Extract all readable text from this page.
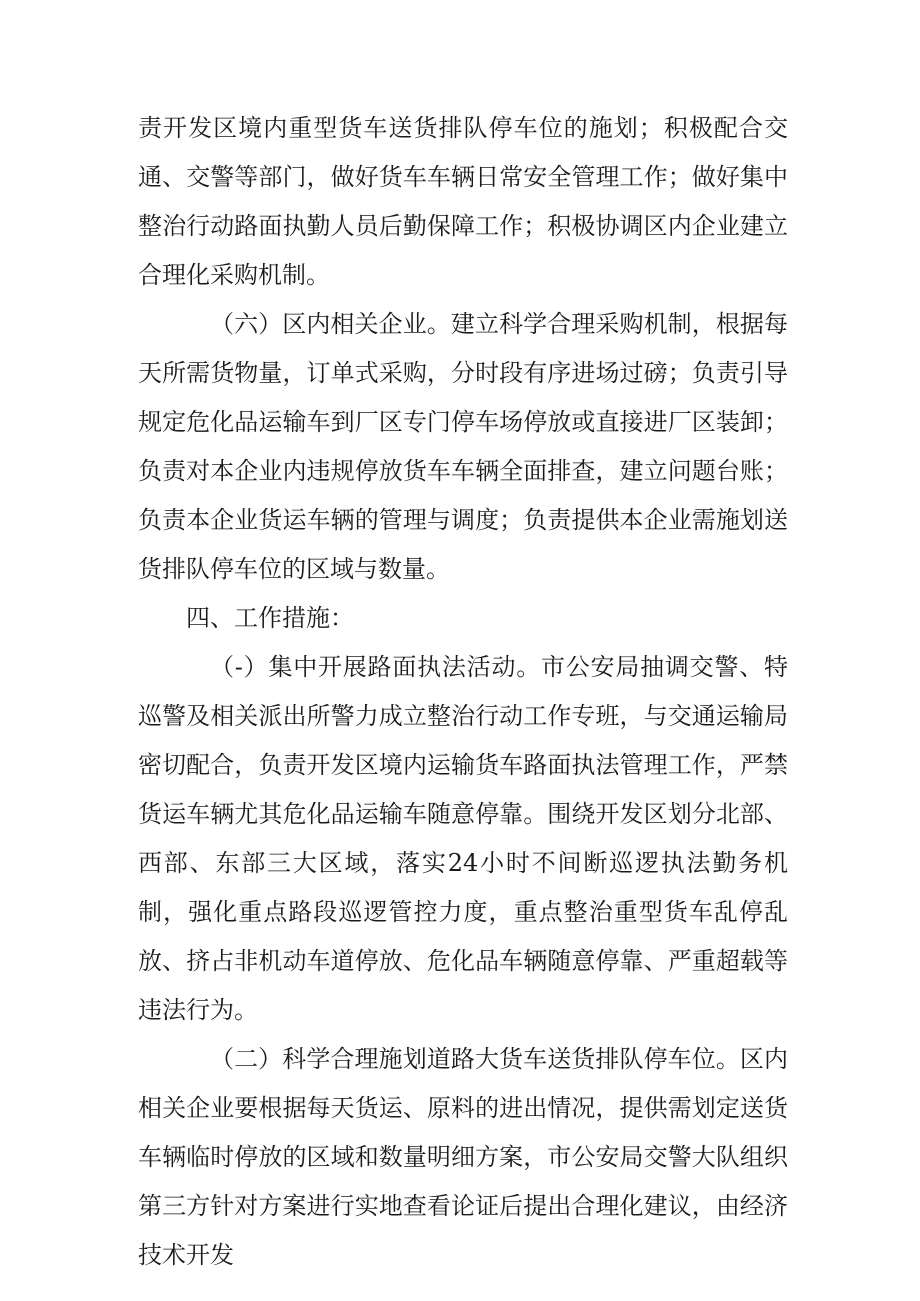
责开发区境内重型货车送货排队停车位的施划；积极配合交通、交警等部门，做好货车车辆日常安全管理工作；做好集中整治行动路面执勤人员后勤保障工作；积极协调区内企业建立合理化采购机制。

（六）区内相关企业。建立科学合理采购机制，根据每天所需货物量，订单式采购，分时段有序进场过磅；负责引导规定危化品运输车到厂区专门停车场停放或直接进厂区装卸；负责对本企业内违规停放货车车辆全面排查，建立问题台账；负责本企业货运车辆的管理与调度；负责提供本企业需施划送货排队停车位的区域与数量。

四、工作措施：

（-）集中开展路面执法活动。市公安局抽调交警、特巡警及相关派出所警力成立整治行动工作专班，与交通运输局密切配合，负责开发区境内运输货车路面执法管理工作，严禁货运车辆尤其危化品运输车随意停靠。围绕开发区划分北部、西部、东部三大区域，落实24小时不间断巡逻执法勤务机制，强化重点路段巡逻管控力度，重点整治重型货车乱停乱放、挤占非机动车道停放、危化品车辆随意停靠、严重超载等违法行为。

（二）科学合理施划道路大货车送货排队停车位。区内相关企业要根据每天货运、原料的进出情况，提供需划定送货车辆临时停放的区域和数量明细方案，市公安局交警大队组织第三方针对方案进行实地查看论证后提出合理化建议，由经济技术开发
